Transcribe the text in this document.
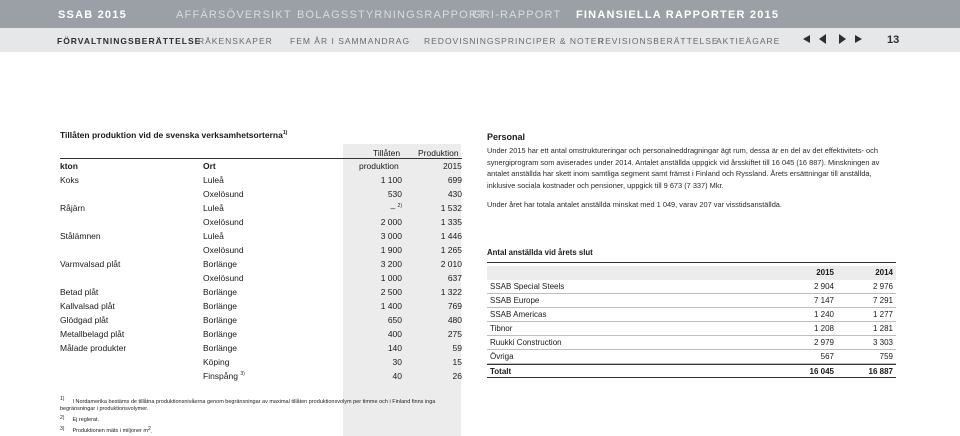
SSAB 2015	AFFÄRSÖVERSIKT BOLAGSSTYRNINGSRAPPORT
GRI-RAPPORT FINANSIELLA RAPPORTER 2015
FÖRVALTNINGSBERÄTTELSE
RÄKENSKAPER FEM ÅR I SAMMANDRAG REDOVISNINGSPRINCIPER & NOTER
REVISIONSBERÄTTELSE
AKTIEÄGARE	13
Tillåten produktion vid de svenska verksamhetsorterna$^{1)}$
Tillåten Produktion
kton	Ort	produktion	2015
Koks	Luleå	1 100	699
Oxelösund	530	430
Råjärn	Luleå	– $^{2)}$	1 532
Oxelösund	2 000	1 335
Stålämnen	Luleå	3 000	1 446
Oxelösund	1 900	1 265
Varmvalsad plåt	Borlänge	3 200	2 010
Oxelösund	1 000	637
Betad plåt	Borlänge	2 500	1 322
Kallvalsad plåt	Borlänge	1 400	769
Glödgad plåt	Borlänge	650	480
Metallbelagd plåt	Borlänge	400	275
Målade produkter	Borlänge	140	59
Köping	30	15
Finspång $^{3)}$	40	26
$^{1)}$ I Nordamerika bestäms de tillåtna produktionsnivåerna genom begränsningar av maximal tillåten produktionsvolym per timme och i Finland finns inga begränsningar i produktionsvolymer.
$^{2)}$ Ej reglerat.
$^{3)}$ Produktionen mäts i miljoner $m^2$.
Personal

Under 2015 har ett antal omstruktureringar och personalneddragningar ägt rum, dessa är en del av det effektivitets- och synergiprogram som aviserades under 2014. Antalet anställda uppgick vid årsskiftet till 16 045 (16 887). Minskningen av antalet anställda har skett inom samtliga segment samt främst i Finland och Ryssland. Årets ersättningar till anställda, inklusive sociala kostnader och pensioner, uppgick till 9 673 (7 337) Mkr.

Under året har totala antalet anställda minskat med 1 049, varav 207 var visstidsanställda.

Antal anställda vid årets slut
2015	2014
SSAB Special Steels	2 904	2 976
SSAB Europe	7 147	7 291
SSAB Americas	1 240	1 277
Tibnor	1 208	1 281
Ruukki Construction	2 979	3 303
Övriga	567	759
Totalt	16 045	16 887
